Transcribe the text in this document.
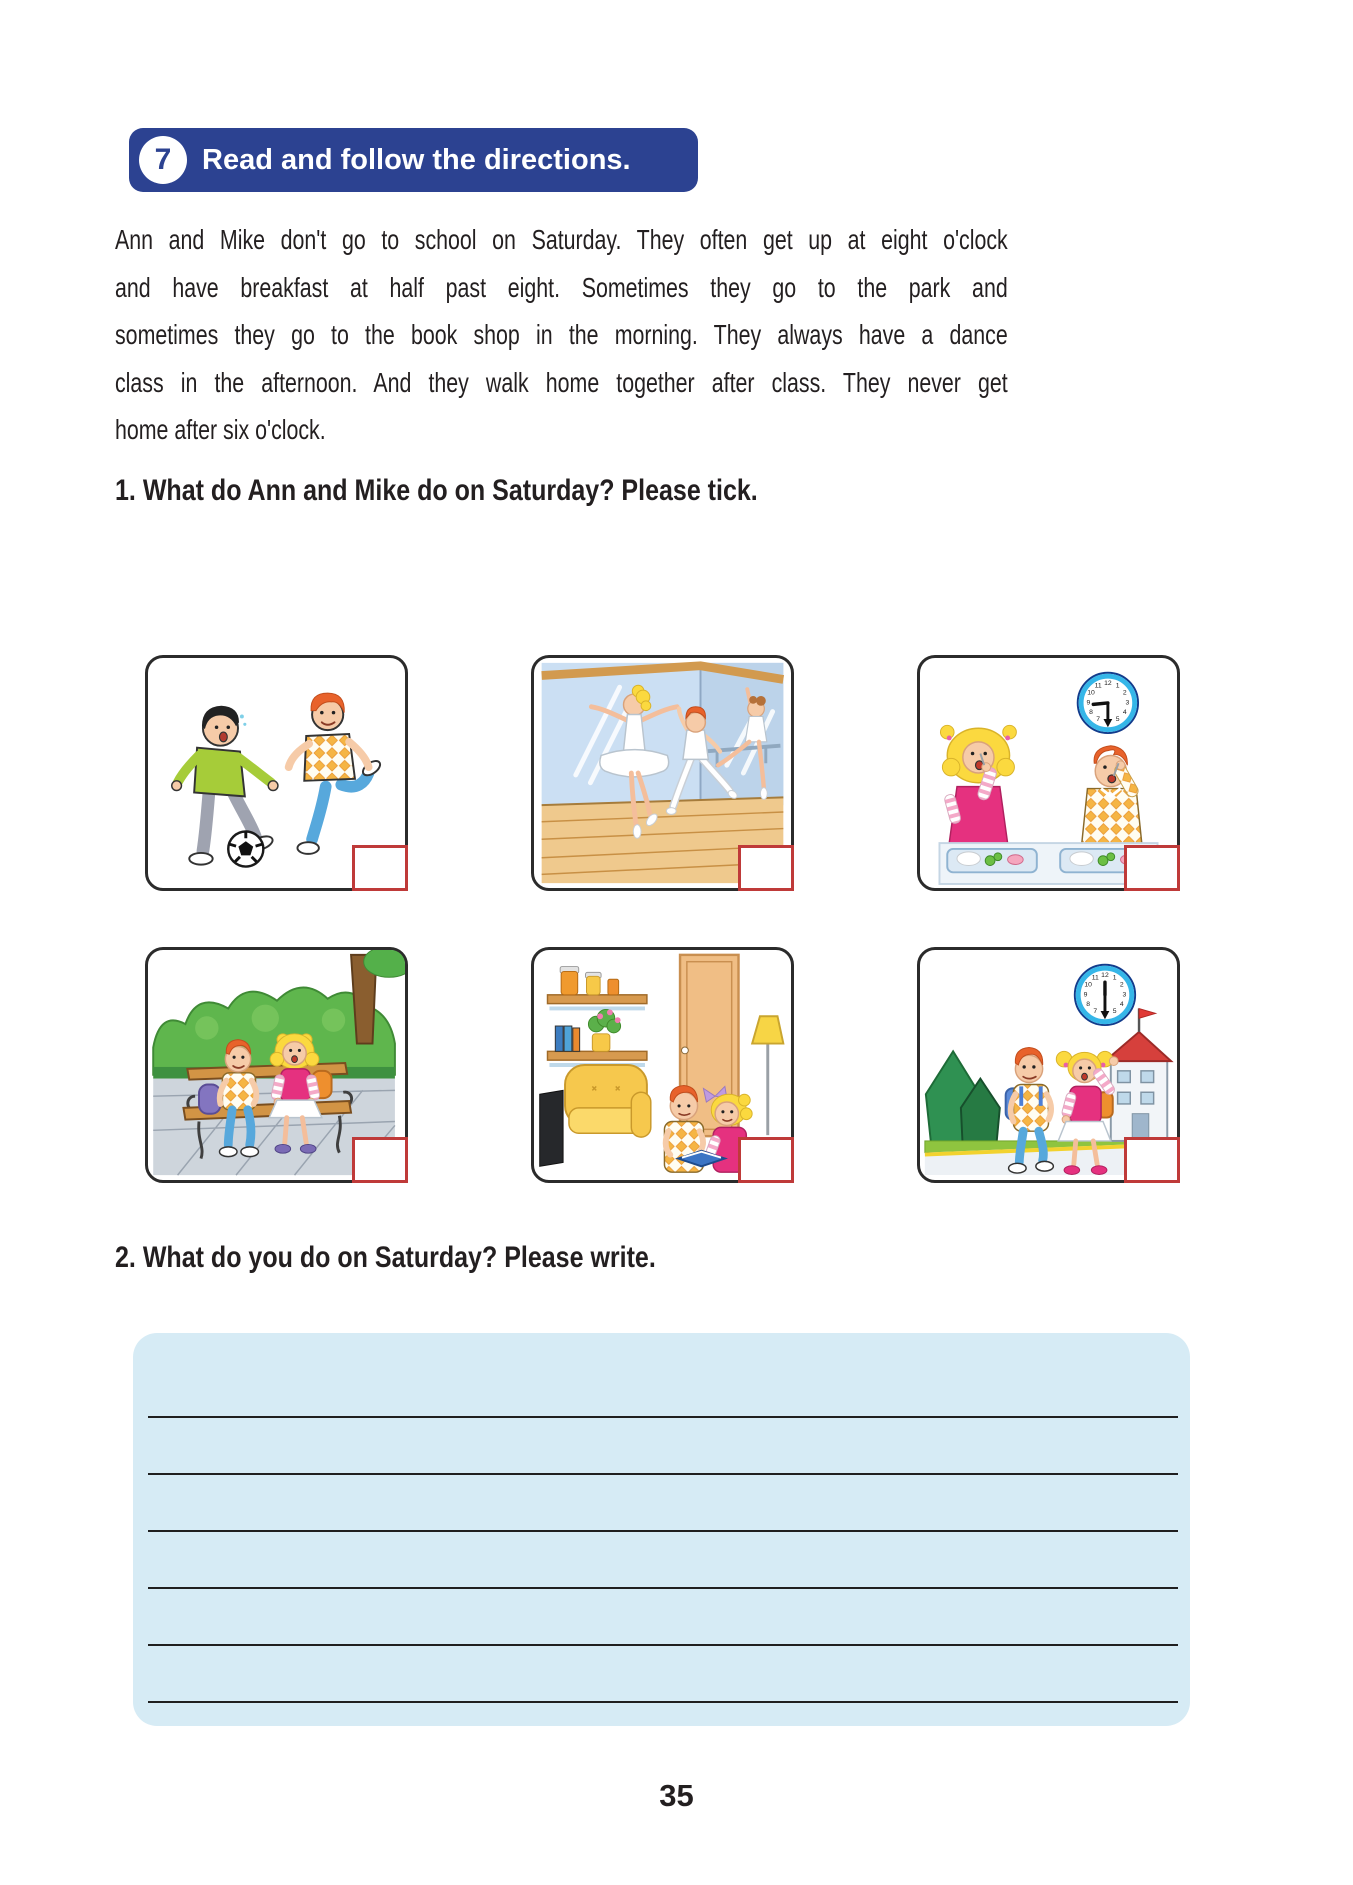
7	Read and follow the directions.
Ann and Mike don't go to school on Saturday. They often get up at eight o'clock
and have breakfast at half past eight. Sometimes they go to the park and
sometimes they go to the book shop in the morning. They always have a dance
class in the afternoon. And they walk home together after class. They never get
home after six o'clock.
1. What do Ann and Mike do on Saturday? Please tick.
1
2
3
4
5
7
8
9
10
11 12
1
2
3
4
5
7
8
9
10
11 12
2. What do you do on Saturday? Please write.
35
